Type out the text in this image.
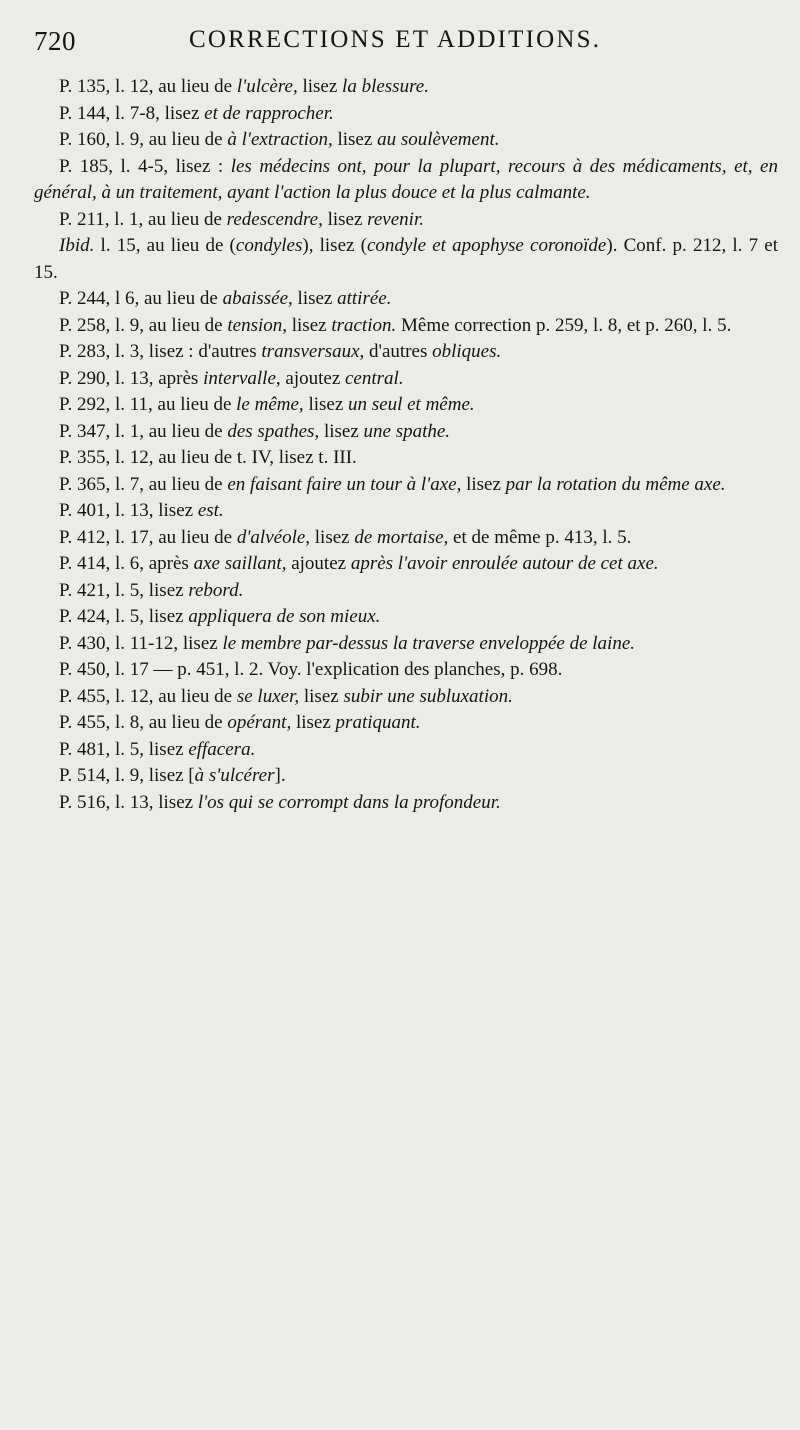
720	CORRECTIONS ET ADDITIONS.

P. 135, l. 12, au lieu de l'ulcère, lisez la blessure.

P. 144, l. 7-8, lisez et de rapprocher.

P. 160, l. 9, au lieu de à l'extraction, lisez au soulèvement.

P. 185, l. 4-5, lisez : les médecins ont, pour la plupart, recours à des médicaments, et, en général, à un traitement, ayant l'action la plus douce et la plus calmante.

P. 211, l. 1, au lieu de redescendre, lisez revenir.

Ibid. l. 15, au lieu de (condyles), lisez (condyle et apophyse coronoïde). Conf. p. 212, l. 7 et 15.

P. 244, l 6, au lieu de abaissée, lisez attirée.

P. 258, l. 9, au lieu de tension, lisez traction. Même correction p. 259, l. 8, et p. 260, l. 5.

P. 283, l. 3, lisez : d'autres transversaux, d'autres obliques.

P. 290, l. 13, après intervalle, ajoutez central.

P. 292, l. 11, au lieu de le même, lisez un seul et même.

P. 347, l. 1, au lieu de des spathes, lisez une spathe.

P. 355, l. 12, au lieu de t. IV, lisez t. III.

P. 365, l. 7, au lieu de en faisant faire un tour à l'axe, lisez par la rotation du même axe.

P. 401, l. 13, lisez est.

P. 412, l. 17, au lieu de d'alvéole, lisez de mortaise, et de même p. 413, l. 5.

P. 414, l. 6, après axe saillant, ajoutez après l'avoir enroulée autour de cet axe.

P. 421, l. 5, lisez rebord.

P. 424, l. 5, lisez appliquera de son mieux.

P. 430, l. 11-12, lisez le membre par-dessus la traverse enveloppée de laine.

P. 450, l. 17 — p. 451, l. 2. Voy. l'explication des planches, p. 698.

P. 455, l. 12, au lieu de se luxer, lisez subir une subluxation.

P. 455, l. 8, au lieu de opérant, lisez pratiquant.

P. 481, l. 5, lisez effacera.

P. 514, l. 9, lisez [à s'ulcérer].

P. 516, l. 13, lisez l'os qui se corrompt dans la profondeur.
